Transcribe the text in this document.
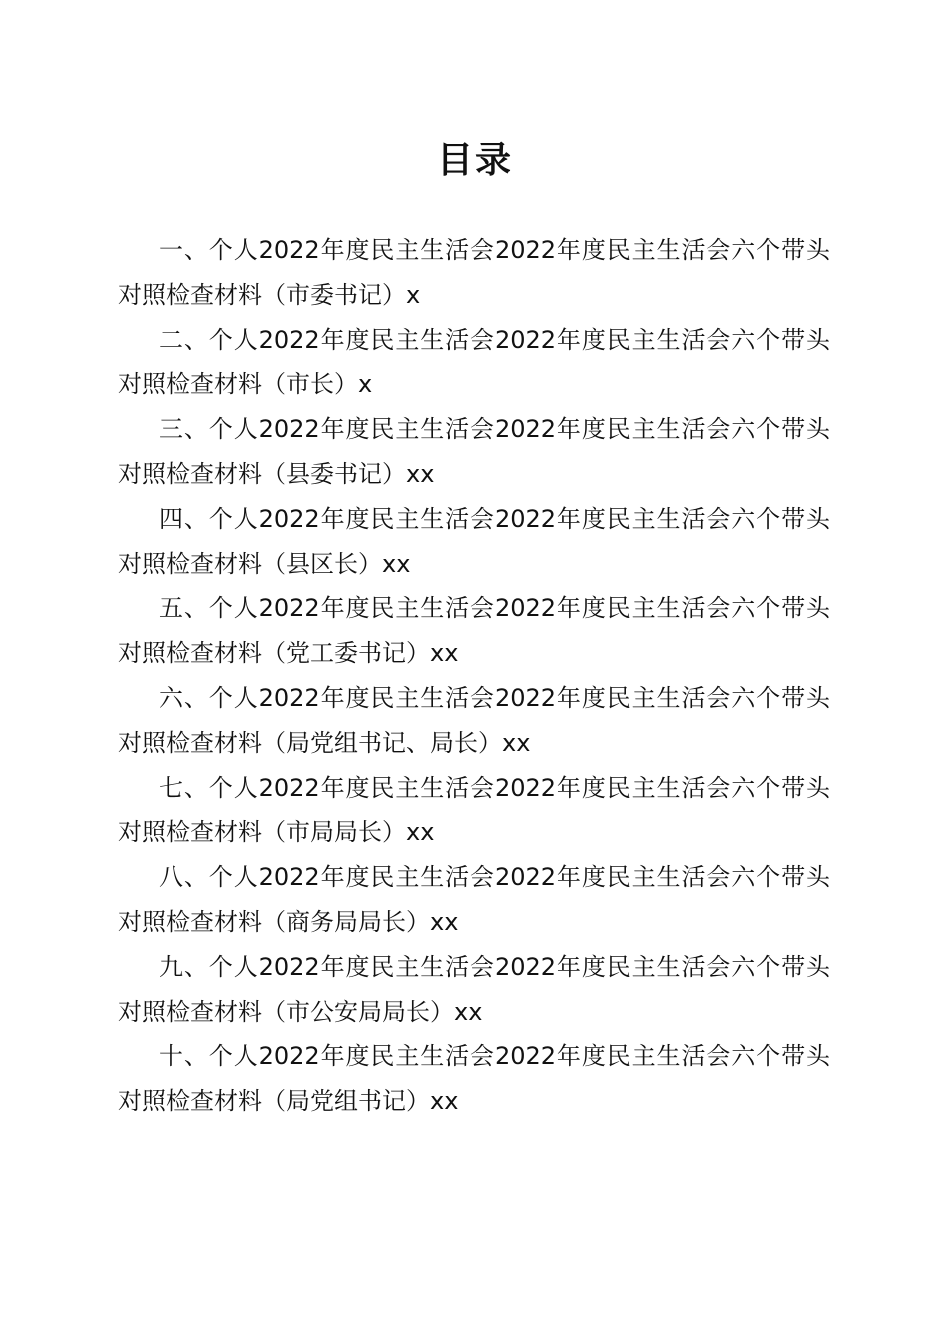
目录
一、个人2022年度民主生活会2022年度民主生活会六个带头对照检查材料（市委书记）x
二、个人2022年度民主生活会2022年度民主生活会六个带头对照检查材料（市长）x
三、个人2022年度民主生活会2022年度民主生活会六个带头对照检查材料（县委书记）xx
四、个人2022年度民主生活会2022年度民主生活会六个带头对照检查材料（县区长）xx
五、个人2022年度民主生活会2022年度民主生活会六个带头对照检查材料（党工委书记）xx
六、个人2022年度民主生活会2022年度民主生活会六个带头对照检查材料（局党组书记、局长）xx
七、个人2022年度民主生活会2022年度民主生活会六个带头对照检查材料（市局局长）xx
八、个人2022年度民主生活会2022年度民主生活会六个带头对照检查材料（商务局局长）xx
九、个人2022年度民主生活会2022年度民主生活会六个带头对照检查材料（市公安局局长）xx
十、个人2022年度民主生活会2022年度民主生活会六个带头对照检查材料（局党组书记）xx
